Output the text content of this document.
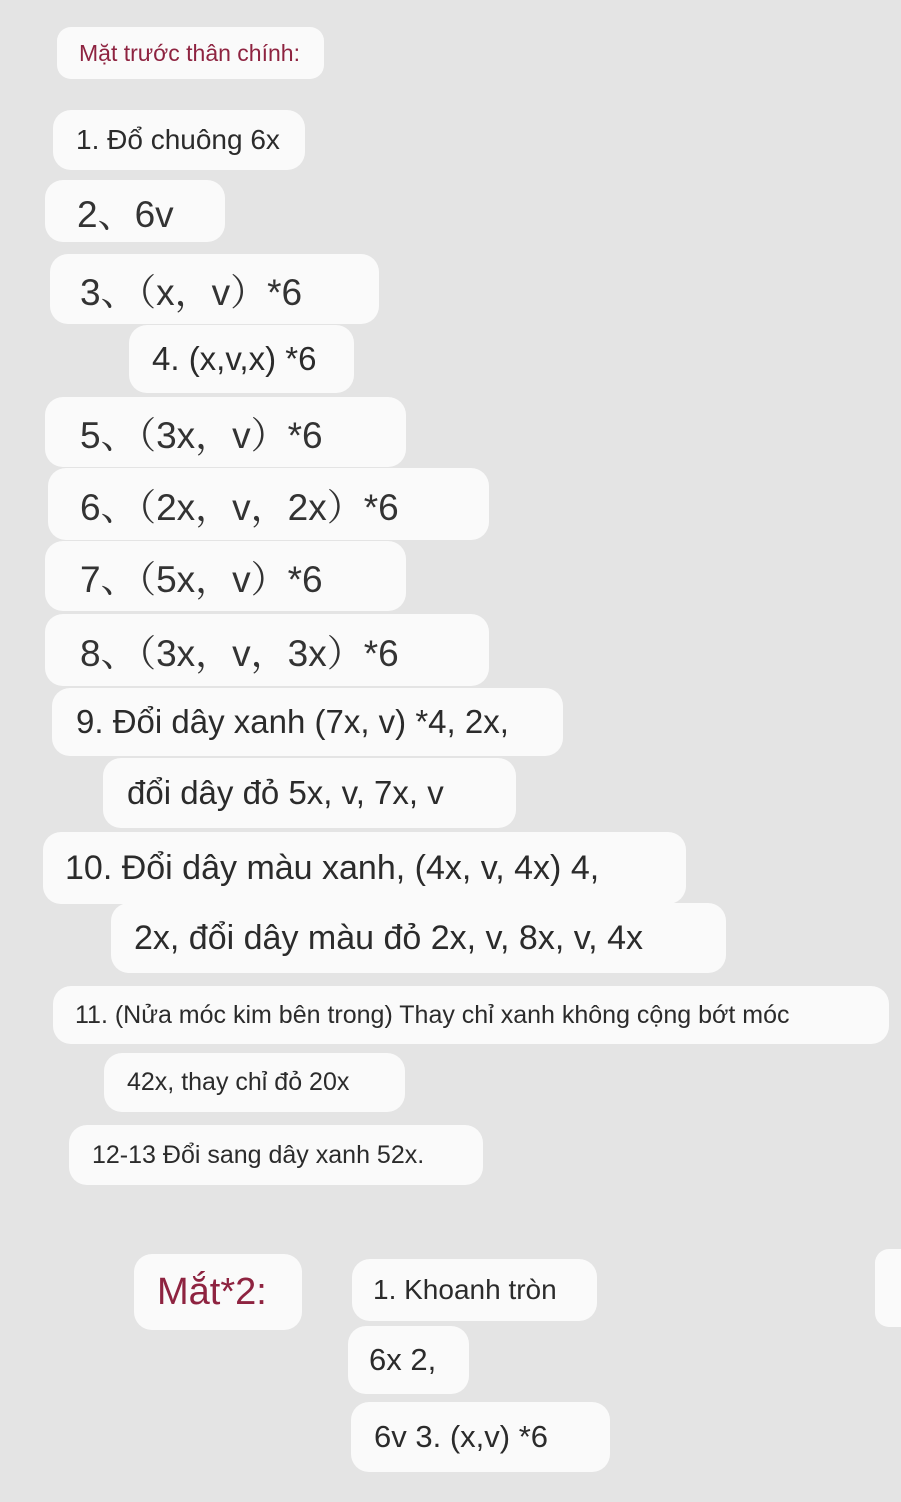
Mặt trước thân chính:
1. Đổ chuông 6x
2、6v
3、（x，v）*6
4. (x,v,x) *6
5、（3x，v）*6
6、（2x，v，2x）*6
7、（5x，v）*6
8、（3x，v，3x）*6
9. Đổi dây xanh (7x, v) *4, 2x,
đổi dây đỏ 5x, v, 7x, v
10. Đổi dây màu xanh, (4x, v, 4x) 4,
2x, đổi dây màu đỏ 2x, v, 8x, v, 4x
11. (Nửa móc kim bên trong) Thay chỉ xanh không cộng bớt móc
42x, thay chỉ đỏ 20x
12-13 Đổi sang dây xanh 52x.
Mắt*2:	1. Khoanh tròn
6x 2,
6v 3. (x,v) *6
